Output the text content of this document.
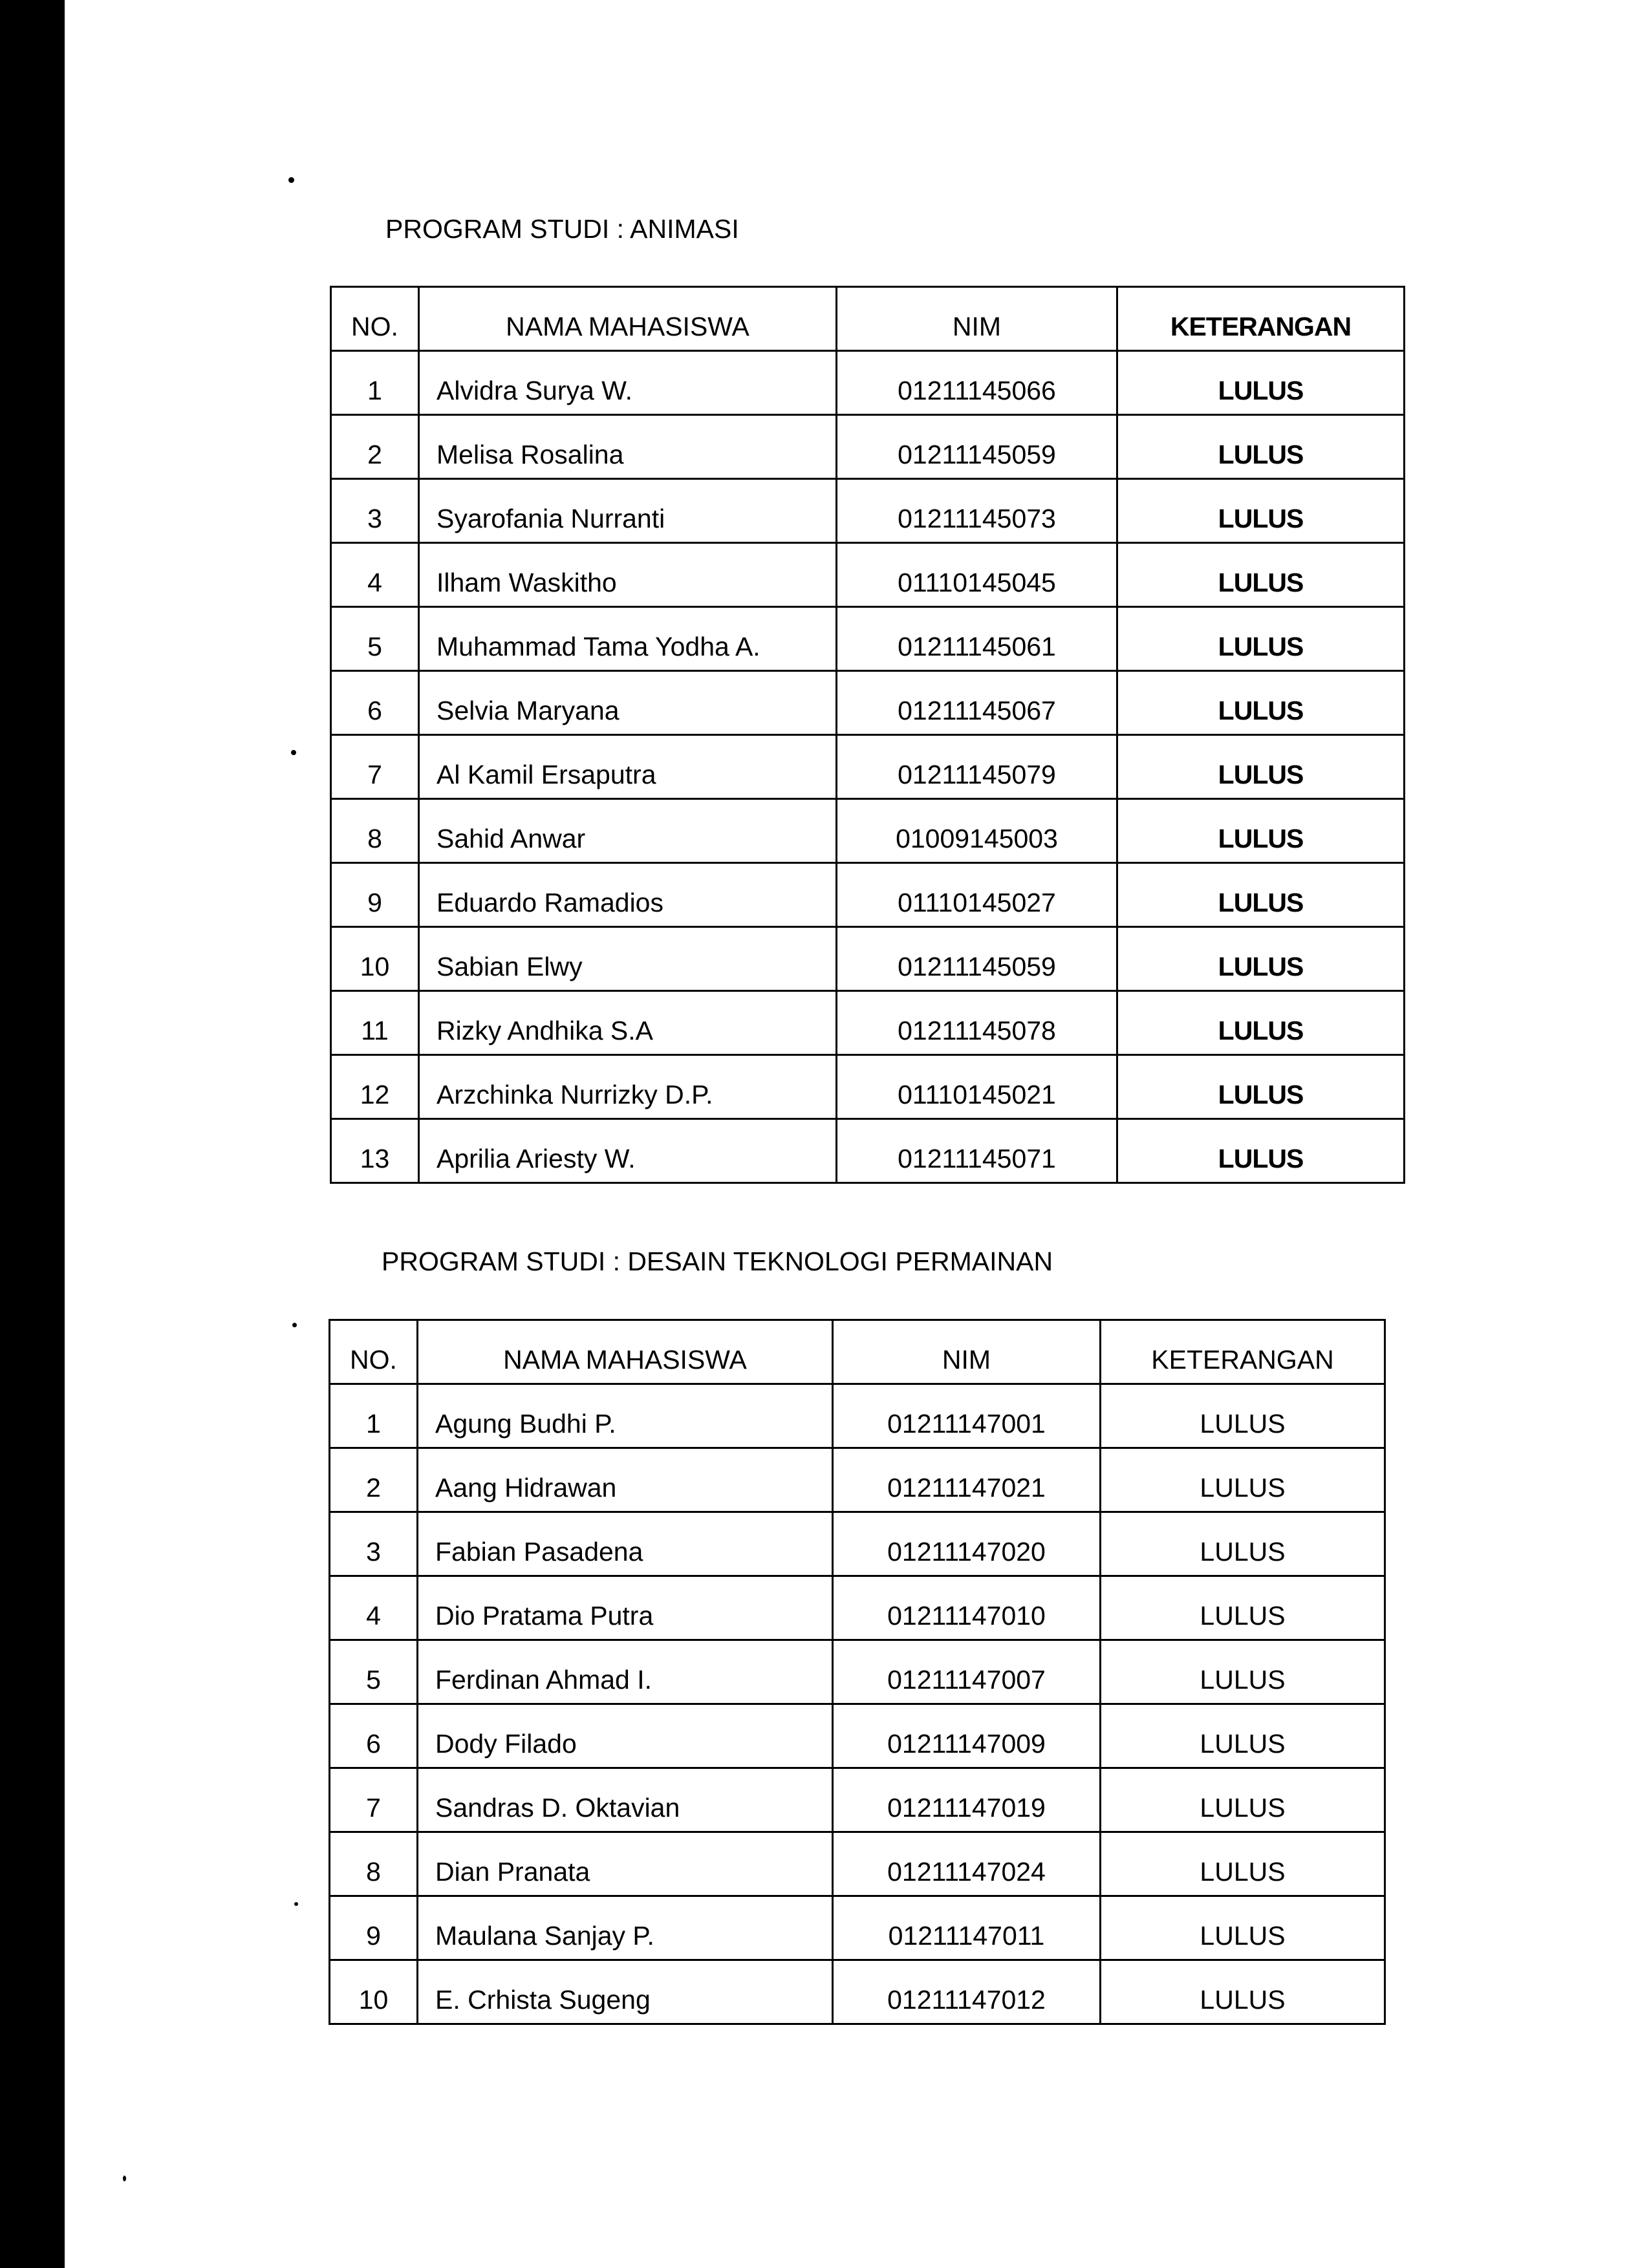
PROGRAM STUDI : ANIMASI
NO.	NAMA MAHASISWA	NIM	KETERANGAN
1	Alvidra Surya W.	01211145066	LULUS
2	Melisa Rosalina	01211145059	LULUS
3	Syarofania Nurranti	01211145073	LULUS
4	Ilham Waskitho	01110145045	LULUS
5	Muhammad Tama Yodha A.	01211145061	LULUS
6	Selvia Maryana	01211145067	LULUS
7	Al Kamil Ersaputra	01211145079	LULUS
8	Sahid Anwar	01009145003	LULUS
9	Eduardo Ramadios	01110145027	LULUS
10	Sabian Elwy	01211145059	LULUS
11	Rizky Andhika S.A	01211145078	LULUS
12	Arzchinka Nurrizky D.P.	01110145021	LULUS
13	Aprilia Ariesty W.	01211145071	LULUS
PROGRAM STUDI : DESAIN TEKNOLOGI PERMAINAN
NO.	NAMA MAHASISWA	NIM	KETERANGAN
1	Agung Budhi P.	01211147001	LULUS
2	Aang Hidrawan	01211147021	LULUS
3	Fabian Pasadena	01211147020	LULUS
4	Dio Pratama Putra	01211147010	LULUS
5	Ferdinan Ahmad I.	01211147007	LULUS
6	Dody Filado	01211147009	LULUS
7	Sandras D. Oktavian	01211147019	LULUS
8	Dian Pranata	01211147024	LULUS
9	Maulana Sanjay P.	01211147011	LULUS
10	E. Crhista Sugeng	01211147012	LULUS
